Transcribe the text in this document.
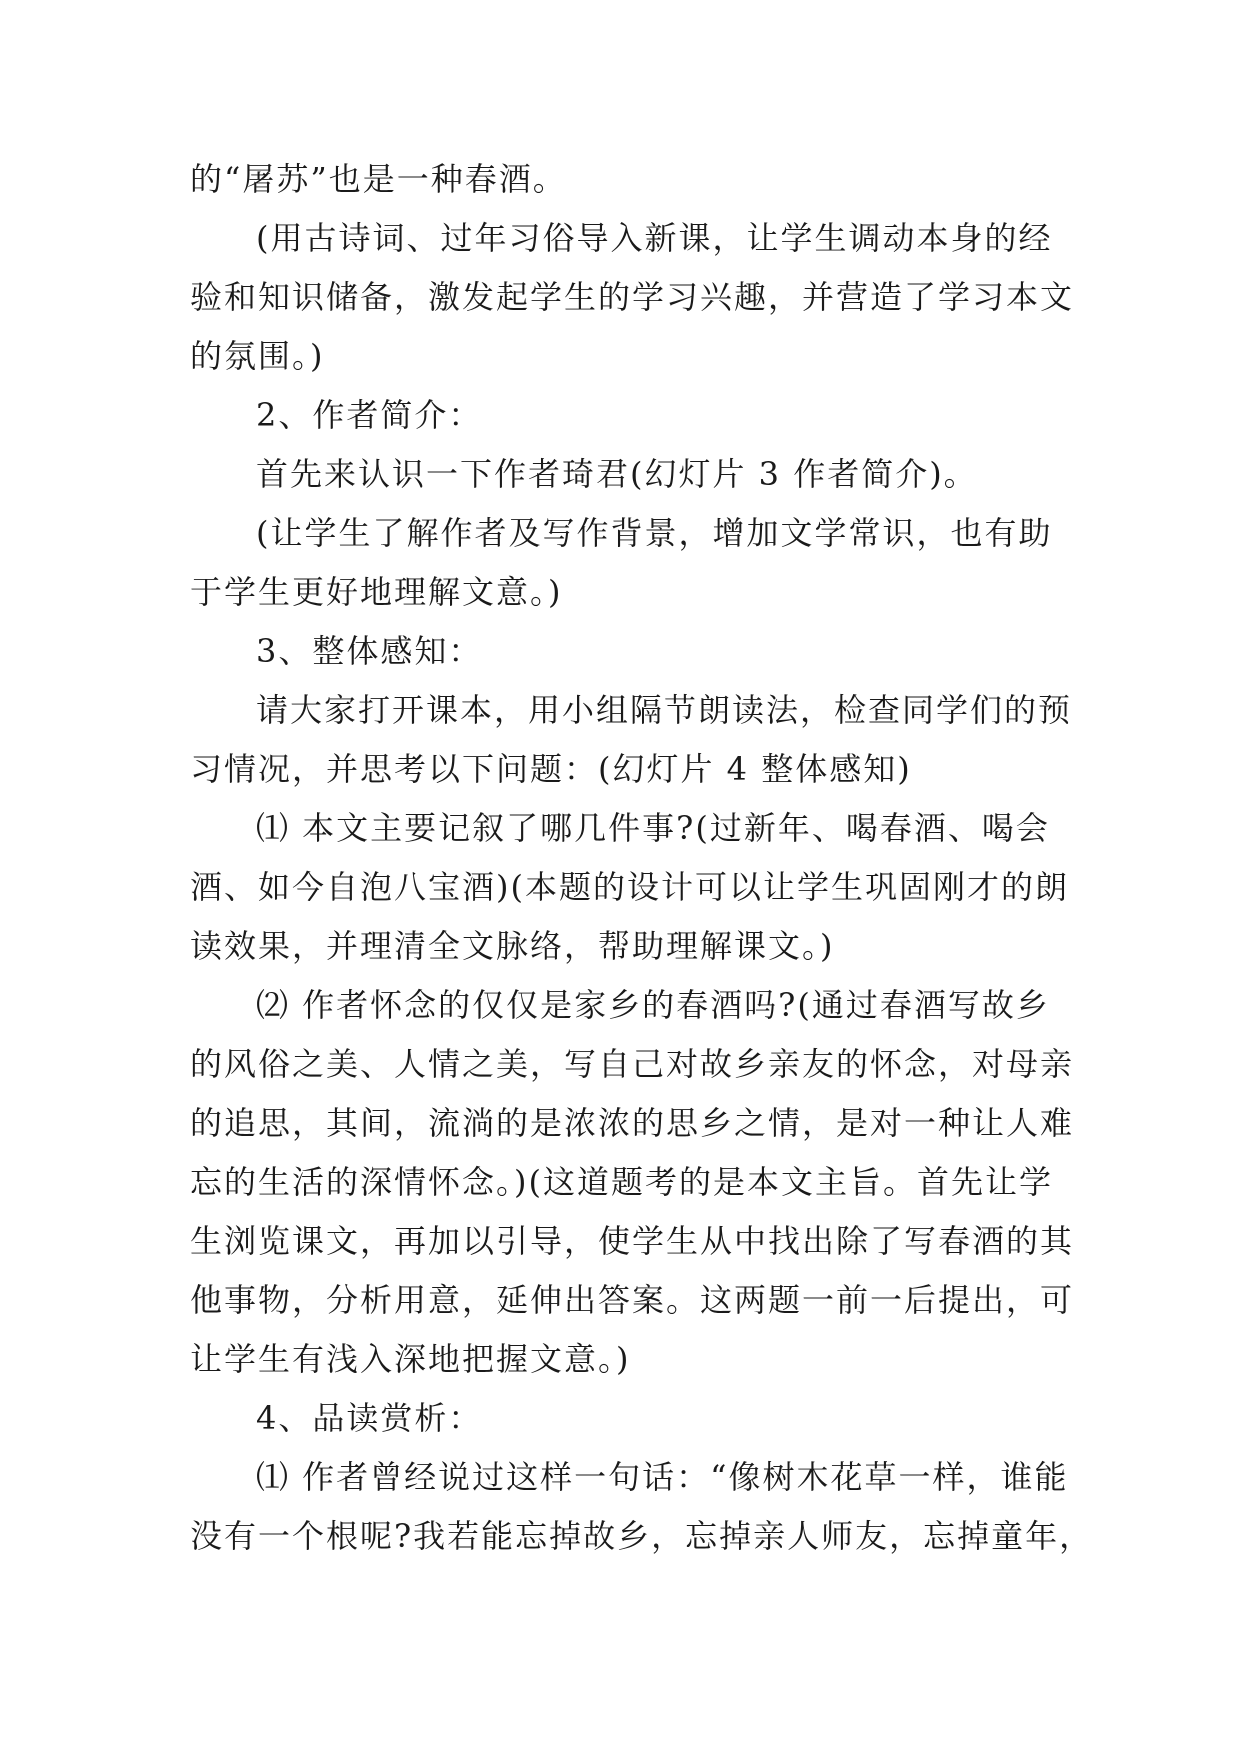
的“屠苏”也是一种春酒。

(用古诗词、过年习俗导入新课，让学生调动本身的经

验和知识储备，激发起学生的学习兴趣，并营造了学习本文

的氛围。)

2、作者简介：

首先来认识一下作者琦君(幻灯片 3 作者简介)。

(让学生了解作者及写作背景，增加文学常识，也有助

于学生更好地理解文意。)

3、整体感知：

请大家打开课本，用小组隔节朗读法，检查同学们的预

习情况，并思考以下问题：(幻灯片 4 整体感知)

⑴ 本文主要记叙了哪几件事?(过新年、喝春酒、喝会

酒、如今自泡八宝酒)(本题的设计可以让学生巩固刚才的朗

读效果，并理清全文脉络，帮助理解课文。)

⑵ 作者怀念的仅仅是家乡的春酒吗?(通过春酒写故乡

的风俗之美、人情之美，写自己对故乡亲友的怀念，对母亲

的追思，其间，流淌的是浓浓的思乡之情，是对一种让人难

忘的生活的深情怀念。)(这道题考的是本文主旨。首先让学

生浏览课文，再加以引导，使学生从中找出除了写春酒的其

他事物，分析用意，延伸出答案。这两题一前一后提出，可

让学生有浅入深地把握文意。)

4、品读赏析：

⑴ 作者曾经说过这样一句话：“像树木花草一样，谁能

没有一个根呢?我若能忘掉故乡，忘掉亲人师友，忘掉童年，
